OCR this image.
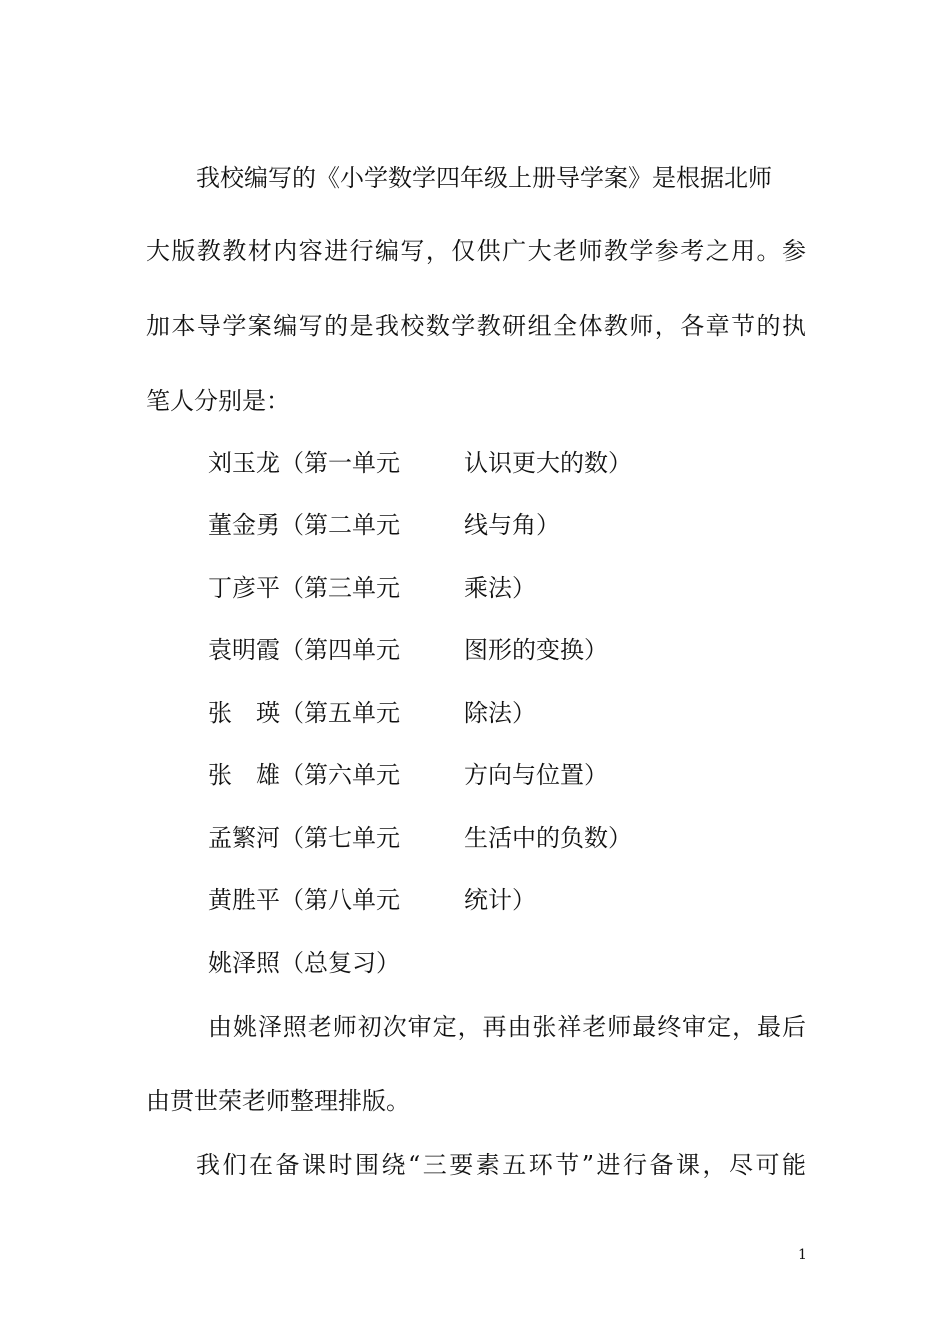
我校编写的《小学数学四年级上册导学案》是根据北师
大版教教材内容进行编写，仅供广大老师教学参考之用。参
加本导学案编写的是我校数学教研组全体教师，各章节的执
笔人分别是：
刘玉龙 （第一单元	认识更大的数）
董金勇 （第二单元	线与角）
丁彦平 （第三单元	乘法）
袁明霞 （第四单元	图形的变换）
张　瑛 （第五单元	除法）
张　雄 （第六单元	方向与位置）
孟繁河 （第七单元	生活中的负数）
黄胜平 （第八单元	统计）
姚泽照 （总复习）
由姚泽照老师初次审定，再由张祥老师最终审定，最后
由贯世荣老师整理排版。
我们在备课时围绕“三要素五环节”进行备课，尽可能
1
